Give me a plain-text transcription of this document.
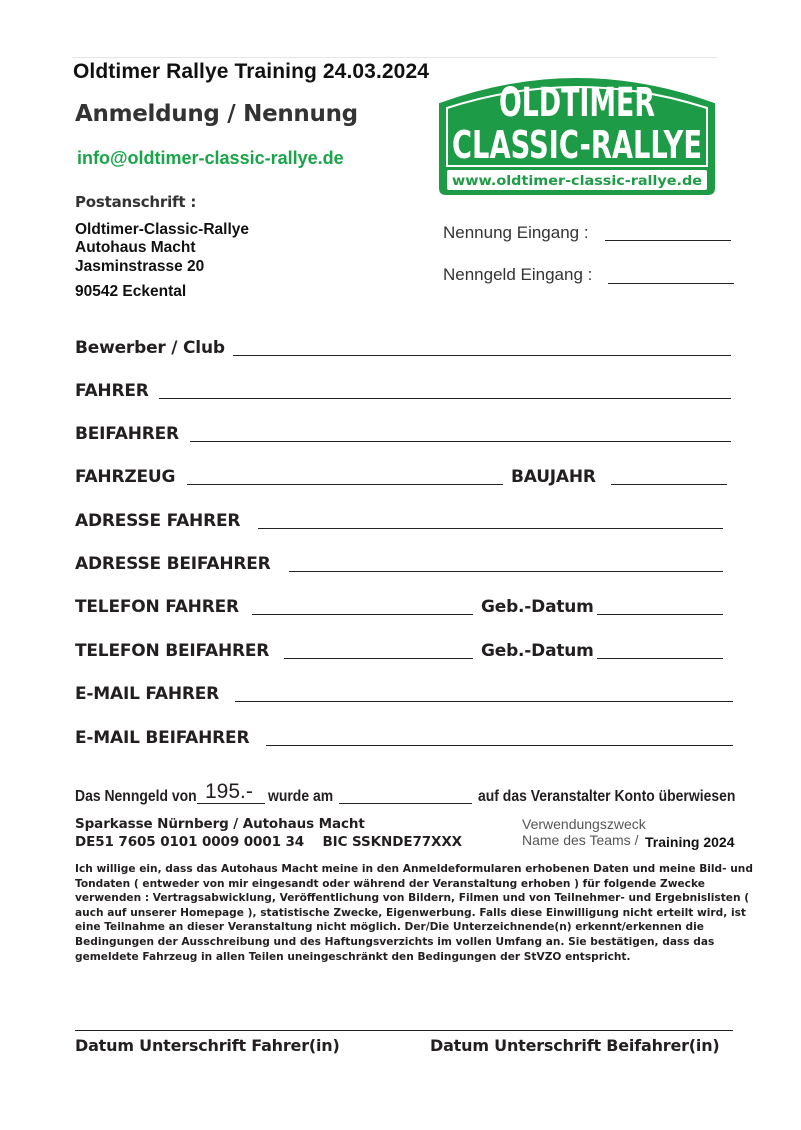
Oldtimer Rallye Training 24.03.2024
Anmeldung / Nennung
info@oldtimer-classic-rallye.de
OLDTIMER
CLASSIC-RALLYE
www.oldtimer-classic-rallye.de
Postanschrift :
Oldtimer-Classic-Rallye
Autohaus Macht
Jasminstrasse 20
90542 Eckental
Nennung Eingang :
Nenngeld Eingang :
Bewerber / Club
FAHRER
BEIFAHRER
FAHRZEUG	BAUJAHR
ADRESSE FAHRER
ADRESSE BEIFAHRER
TELEFON FAHRER	Geb.-Datum
TELEFON BEIFAHRER	Geb.-Datum
E-MAIL FAHRER
E-MAIL BEIFAHRER
Das Nenngeld von 195.- wurde am	auf das Veranstalter Konto überwiesen
Sparkasse Nürnberg / Autohaus Macht
DE51 7605 0101 0009 0001 34    BIC SSKNDE77XXX
Verwendungszweck
Name des Teams / Training 2024
Ich willige ein, dass das Autohaus Macht meine in den Anmeldeformularen erhobenen Daten und meine Bild- und Tondaten ( entweder von mir eingesandt oder während der Veranstaltung erhoben ) für folgende Zwecke verwenden : Vertragsabwicklung, Veröffentlichung von Bildern, Filmen und von Teilnehmer- und Ergebnislisten ( auch auf unserer Homepage ), statistische Zwecke, Eigenwerbung. Falls diese Einwilligung nicht erteilt wird, ist eine Teilnahme an dieser Veranstaltung nicht möglich. Der/Die Unterzeichnende(n) erkennt/erkennen die Bedingungen der Ausschreibung und des Haftungsverzichts im vollen Umfang an. Sie bestätigen, dass das gemeldete Fahrzeug in allen Teilen uneingeschränkt den Bedingungen der StVZO entspricht.
Datum Unterschrift Fahrer(in)	Datum Unterschrift Beifahrer(in)
